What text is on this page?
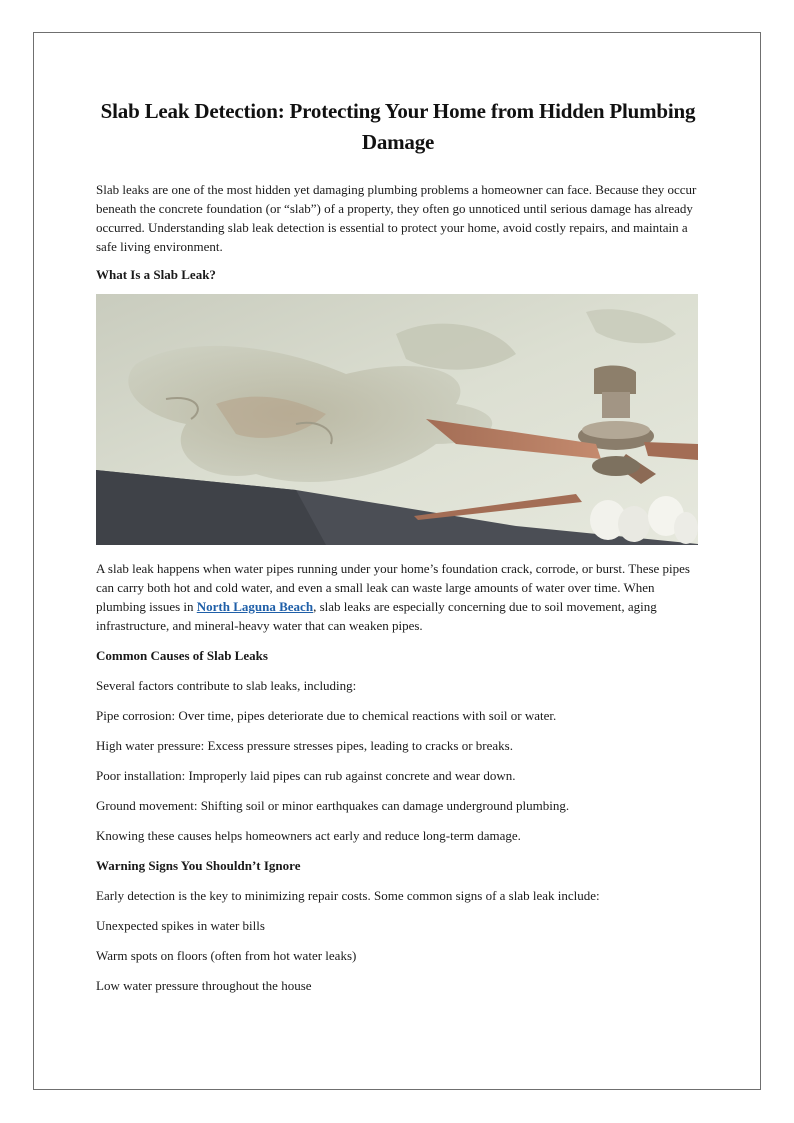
Slab Leak Detection: Protecting Your Home from Hidden Plumbing Damage

Slab leaks are one of the most hidden yet damaging plumbing problems a homeowner can face. Because they occur beneath the concrete foundation (or “slab”) of a property, they often go unnoticed until serious damage has already occurred. Understanding slab leak detection is essential to protect your home, avoid costly repairs, and maintain a safe living environment.

What Is a Slab Leak?

A slab leak happens when water pipes running under your home’s foundation crack, corrode, or burst. These pipes can carry both hot and cold water, and even a small leak can waste large amounts of water over time. When plumbing issues in North Laguna Beach, slab leaks are especially concerning due to soil movement, aging infrastructure, and mineral-heavy water that can weaken pipes.

Common Causes of Slab Leaks

Several factors contribute to slab leaks, including:

Pipe corrosion: Over time, pipes deteriorate due to chemical reactions with soil or water.

High water pressure: Excess pressure stresses pipes, leading to cracks or breaks.

Poor installation: Improperly laid pipes can rub against concrete and wear down.

Ground movement: Shifting soil or minor earthquakes can damage underground plumbing.

Knowing these causes helps homeowners act early and reduce long-term damage.

Warning Signs You Shouldn’t Ignore

Early detection is the key to minimizing repair costs. Some common signs of a slab leak include:

Unexpected spikes in water bills

Warm spots on floors (often from hot water leaks)

Low water pressure throughout the house
